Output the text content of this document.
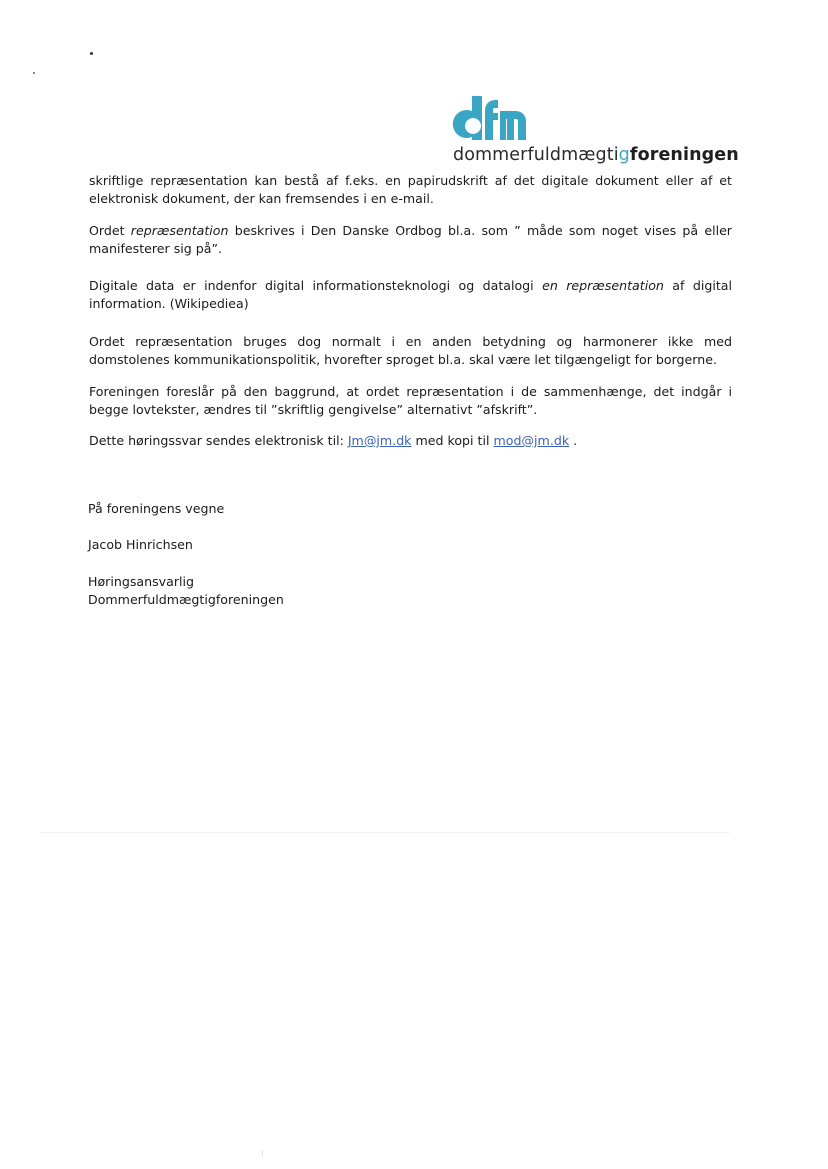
dommerfuldmægtigforeningen

skriftlige repræsentation kan bestå af f.eks. en papirudskrift af det digitale dokument eller af et elektronisk dokument, der kan fremsendes i en e-mail.

Ordet repræsentation beskrives i Den Danske Ordbog bl.a. som ” måde som noget vises på eller manifesterer sig på”.

Digitale data er indenfor digital informationsteknologi og datalogi en repræsentation af digital information. (Wikipediea)

Ordet repræsentation bruges dog normalt i en anden betydning og harmonerer ikke med domstolenes kommunikationspolitik, hvorefter sproget bl.a. skal være let tilgængeligt for borgerne.

Foreningen foreslår på den baggrund, at ordet repræsentation i de sammenhænge, det indgår i begge lovtekster, ændres til ”skriftlig gengivelse” alternativt ”afskrift”.

Dette høringssvar sendes elektronisk til: Jm@jm.dk med kopi til mod@jm.dk .

På foreningens vegne
Jacob Hinrichsen
Høringsansvarlig
Dommerfuldmægtigforeningen
